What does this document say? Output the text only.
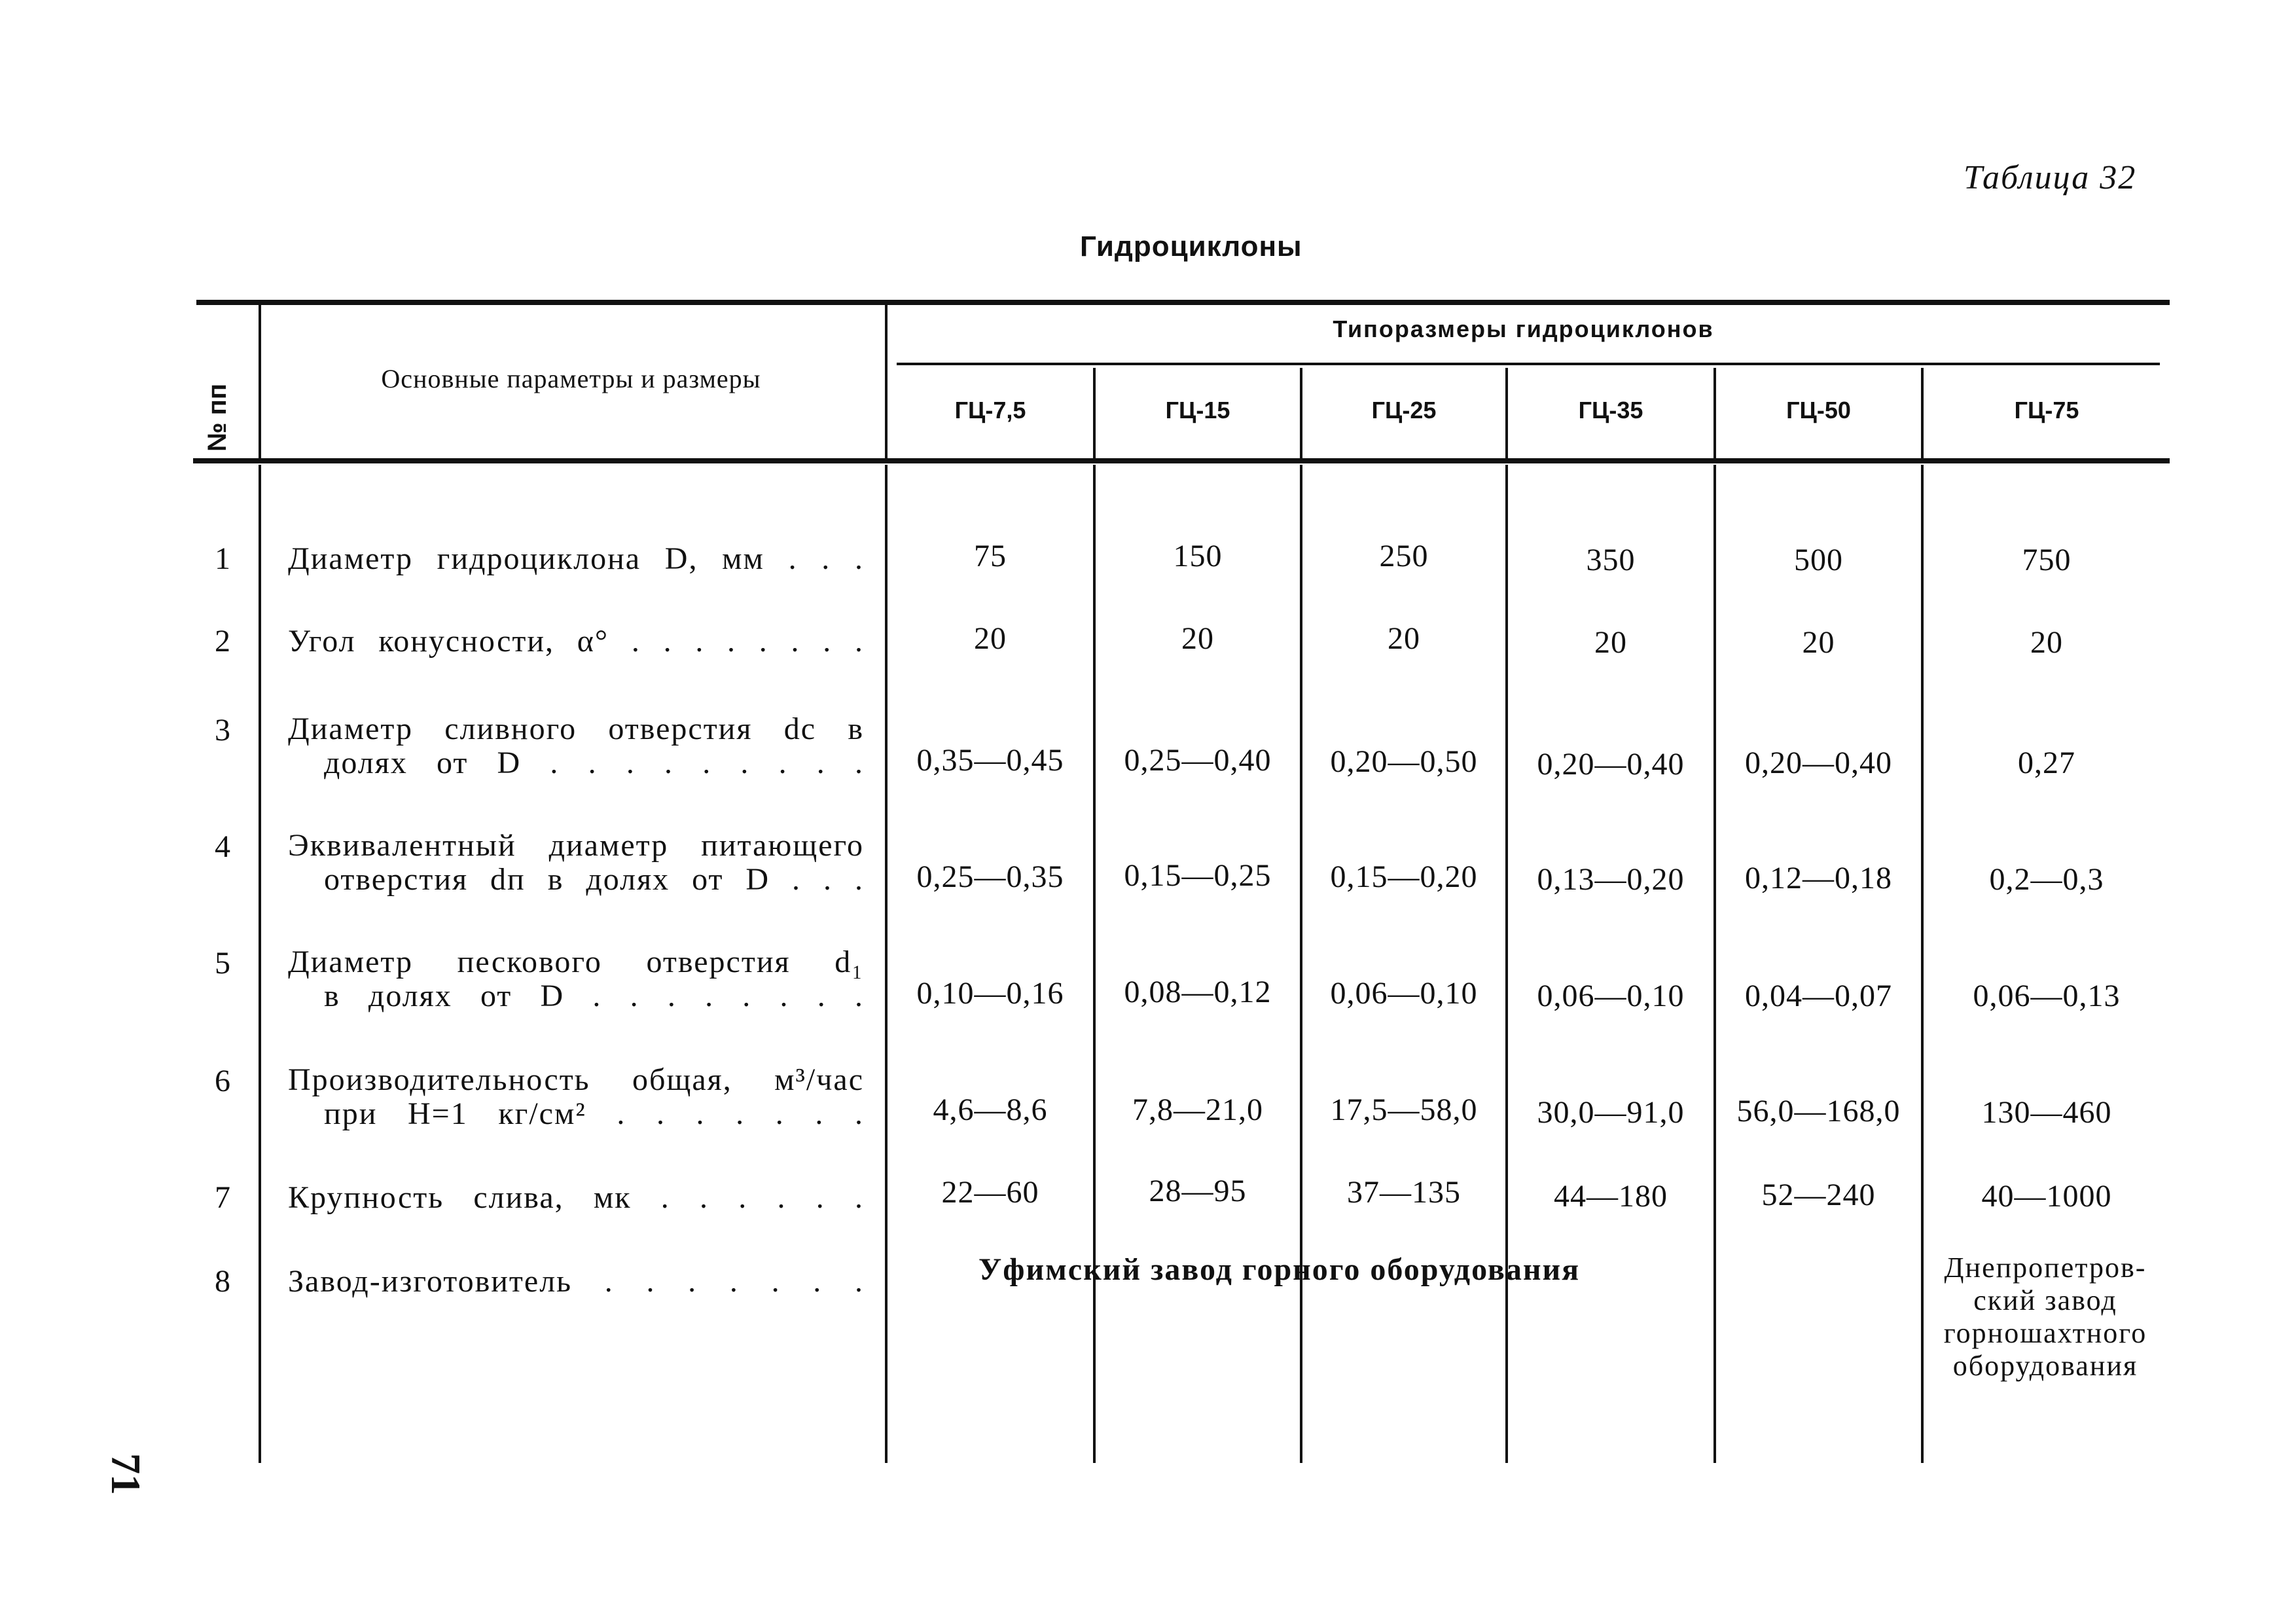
Таблица 32
Гидроциклоны
№ пп
Основные параметры и размеры
Типоразмеры гидроциклонов
ГЦ-7,5	ГЦ-15	ГЦ-25	ГЦ-35	ГЦ-50	ГЦ-75
1	Диаметр гидроциклона D, мм . . .	75	150	250	350	500	750
2	Угол конусности, α° . . . . . . . .	20	20	20	20	20	20
3	Диаметр сливного отверстия dc в
долях от D . . . . . . . . .	0,35—0,45	0,25—0,40	0,20—0,50	0,20—0,40	0,20—0,40	0,27
4	Эквивалентный диаметр питающего
отверстия dп в долях от D . . .	0,25—0,35	0,15—0,25	0,15—0,20	0,13—0,20	0,12—0,18	0,2—0,3
5	Диаметр пескового отверстия d₁
в долях от D . . . . . . . .	0,10—0,16	0,08—0,12	0,06—0,10	0,06—0,10	0,04—0,07	0,06—0,13
6	Производительность общая, м³/час
при H=1 кг/см² . . . . . . .	4,6—8,6	7,8—21,0	17,5—58,0	30,0—91,0	56,0—168,0	130—460
7	Крупность слива, мк . . . . . .	22—60	28—95	37—135	44—180	52—240	40—1000
8	Завод-изготовитель . . . . . . .	Уфимский завод горного оборудования	Днепропетров-
ский завод
горношахтного
оборудования
71
